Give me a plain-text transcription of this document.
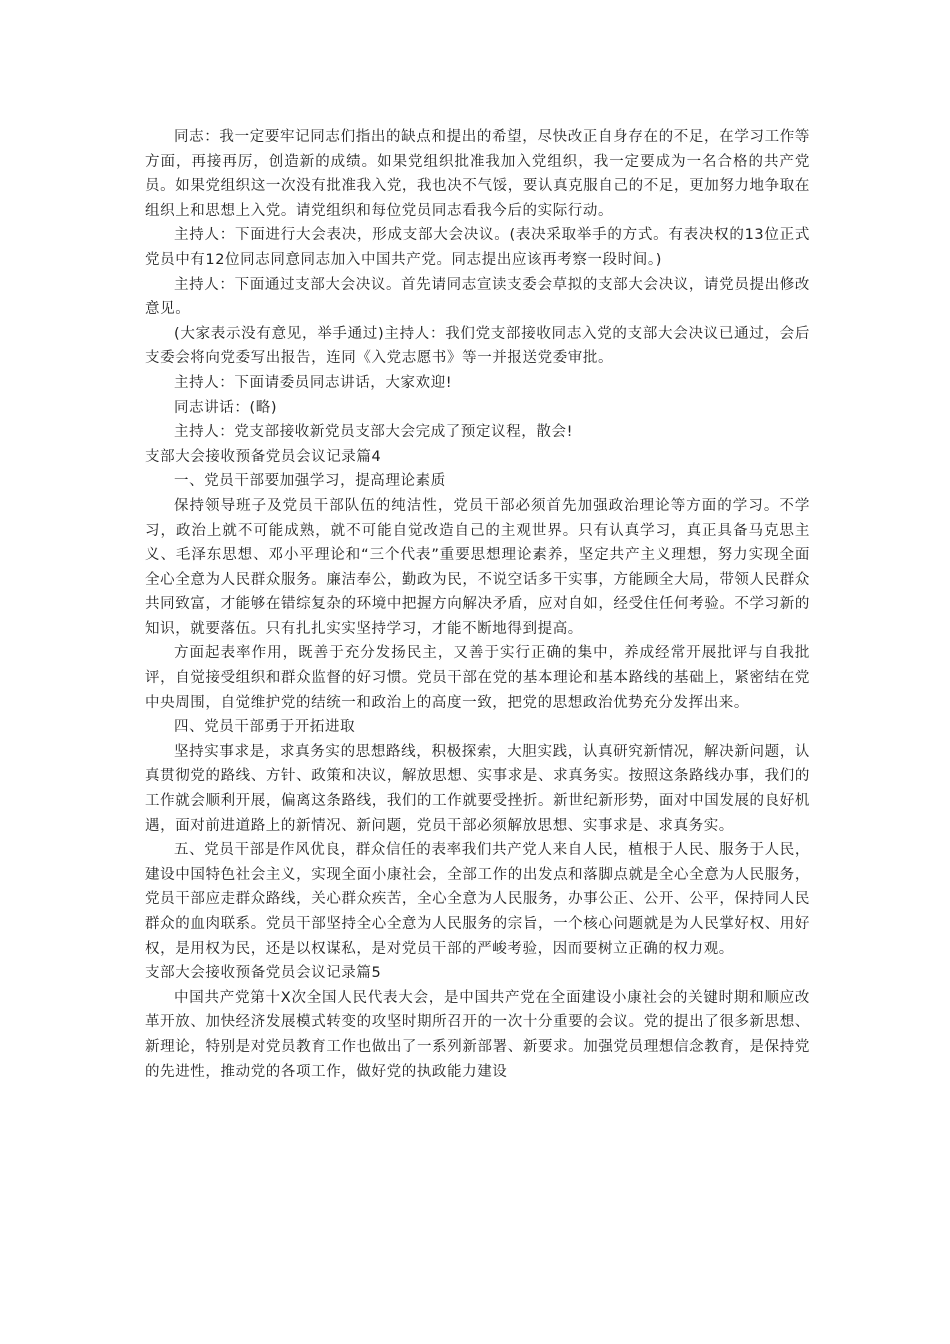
同志：我一定要牢记同志们指出的缺点和提出的希望，尽快改正自身存在的不足，在学习工作等方面，再接再厉，创造新的成绩。如果党组织批准我加入党组织，我一定要成为一名合格的共产党员。如果党组织这一次没有批准我入党，我也决不气馁，要认真克服自己的不足，更加努力地争取在组织上和思想上入党。请党组织和每位党员同志看我今后的实际行动。

主持人：下面进行大会表决，形成支部大会决议。(表决采取举手的方式。有表决权的13位正式党员中有12位同志同意同志加入中国共产党。同志提出应该再考察一段时间。)

主持人：下面通过支部大会决议。首先请同志宣读支委会草拟的支部大会决议，请党员提出修改意见。

(大家表示没有意见，举手通过)主持人：我们党支部接收同志入党的支部大会决议已通过，会后支委会将向党委写出报告，连同《入党志愿书》等一并报送党委审批。

主持人：下面请委员同志讲话，大家欢迎!

同志讲话：(略)

主持人：党支部接收新党员支部大会完成了预定议程，散会!

支部大会接收预备党员会议记录篇4

一、党员干部要加强学习，提高理论素质

保持领导班子及党员干部队伍的纯洁性，党员干部必须首先加强政治理论等方面的学习。不学习，政治上就不可能成熟，就不可能自觉改造自己的主观世界。只有认真学习，真正具备马克思主义、毛泽东思想、邓小平理论和“三个代表”重要思想理论素养，坚定共产主义理想，努力实现全面全心全意为人民群众服务。廉洁奉公，勤政为民，不说空话多干实事，方能顾全大局，带领人民群众共同致富，才能够在错综复杂的环境中把握方向解决矛盾，应对自如，经受住任何考验。不学习新的知识，就要落伍。只有扎扎实实坚持学习，才能不断地得到提高。

方面起表率作用，既善于充分发扬民主，又善于实行正确的集中，养成经常开展批评与自我批评，自觉接受组织和群众监督的好习惯。党员干部在党的基本理论和基本路线的基础上，紧密结在党中央周围，自觉维护党的结统一和政治上的高度一致，把党的思想政治优势充分发挥出来。

四、党员干部勇于开拓进取

坚持实事求是，求真务实的思想路线，积极探索，大胆实践，认真研究新情况，解决新问题，认真贯彻党的路线、方针、政策和决议，解放思想、实事求是、求真务实。按照这条路线办事，我们的工作就会顺利开展，偏离这条路线，我们的工作就要受挫折。新世纪新形势，面对中国发展的良好机遇，面对前进道路上的新情况、新问题，党员干部必须解放思想、实事求是、求真务实。

五、党员干部是作风优良，群众信任的表率我们共产党人来自人民，植根于人民、服务于人民，建设中国特色社会主义，实现全面小康社会，全部工作的出发点和落脚点就是全心全意为人民服务，党员干部应走群众路线，关心群众疾苦，全心全意为人民服务，办事公正、公开、公平，保持同人民群众的血肉联系。党员干部坚持全心全意为人民服务的宗旨，一个核心问题就是为人民掌好权、用好权，是用权为民，还是以权谋私，是对党员干部的严峻考验，因而要树立正确的权力观。

支部大会接收预备党员会议记录篇5

中国共产党第十X次全国人民代表大会，是中国共产党在全面建设小康社会的关键时期和顺应改革开放、加快经济发展模式转变的攻坚时期所召开的一次十分重要的会议。党的提出了很多新思想、新理论，特别是对党员教育工作也做出了一系列新部署、新要求。加强党员理想信念教育，是保持党的先进性，推动党的各项工作，做好党的执政能力建设
